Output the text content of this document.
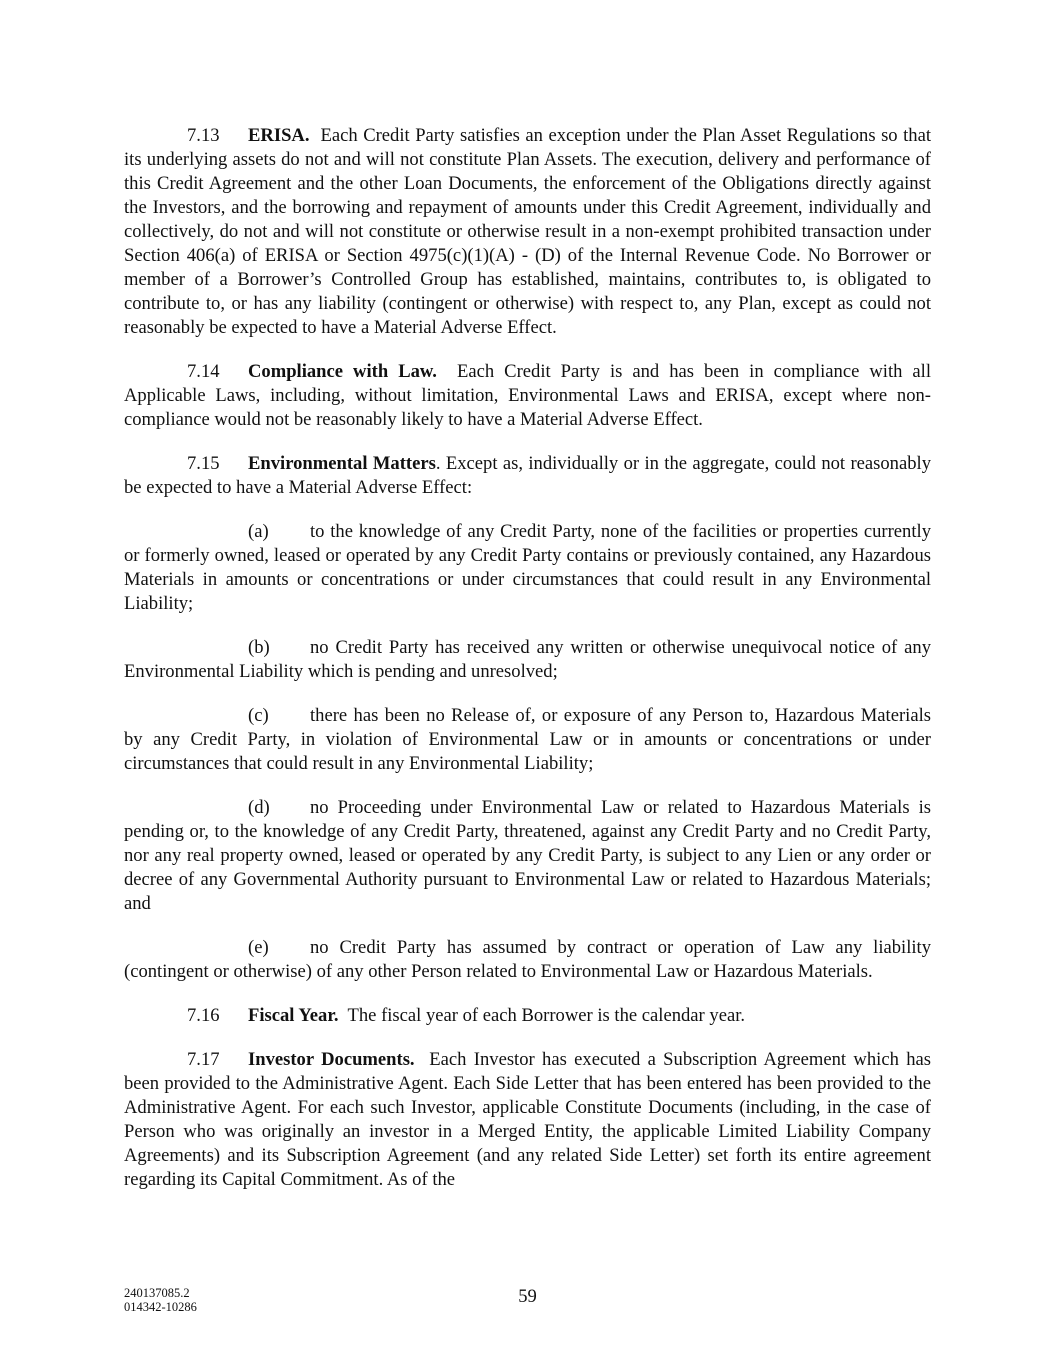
7.13 ERISA. Each Credit Party satisfies an exception under the Plan Asset Regulations so that its underlying assets do not and will not constitute Plan Assets. The execution, delivery and performance of this Credit Agreement and the other Loan Documents, the enforcement of the Obligations directly against the Investors, and the borrowing and repayment of amounts under this Credit Agreement, individually and collectively, do not and will not constitute or otherwise result in a non-exempt prohibited transaction under Section 406(a) of ERISA or Section 4975(c)(1)(A) - (D) of the Internal Revenue Code. No Borrower or member of a Borrower’s Controlled Group has established, maintains, contributes to, is obligated to contribute to, or has any liability (contingent or otherwise) with respect to, any Plan, except as could not reasonably be expected to have a Material Adverse Effect.

7.14 Compliance with Law. Each Credit Party is and has been in compliance with all Applicable Laws, including, without limitation, Environmental Laws and ERISA, except where non- compliance would not be reasonably likely to have a Material Adverse Effect.

7.15 Environmental Matters. Except as, individually or in the aggregate, could not reasonably be expected to have a Material Adverse Effect:

(a) to the knowledge of any Credit Party, none of the facilities or properties currently or formerly owned, leased or operated by any Credit Party contains or previously contained, any Hazardous Materials in amounts or concentrations or under circumstances that could result in any Environmental Liability;

(b) no Credit Party has received any written or otherwise unequivocal notice of any Environmental Liability which is pending and unresolved;

(c) there has been no Release of, or exposure of any Person to, Hazardous Materials by any Credit Party, in violation of Environmental Law or in amounts or concentrations or under circumstances that could result in any Environmental Liability;

(d) no Proceeding under Environmental Law or related to Hazardous Materials is pending or, to the knowledge of any Credit Party, threatened, against any Credit Party and no Credit Party, nor any real property owned, leased or operated by any Credit Party, is subject to any Lien or any order or decree of any Governmental Authority pursuant to Environmental Law or related to Hazardous Materials; and

(e) no Credit Party has assumed by contract or operation of Law any liability (contingent or otherwise) of any other Person related to Environmental Law or Hazardous Materials.

7.16 Fiscal Year. The fiscal year of each Borrower is the calendar year.

7.17 Investor Documents. Each Investor has executed a Subscription Agreement which has been provided to the Administrative Agent. Each Side Letter that has been entered has been provided to the Administrative Agent. For each such Investor, applicable Constitute Documents (including, in the case of Person who was originally an investor in a Merged Entity, the applicable Limited Liability Company Agreements) and its Subscription Agreement (and any related Side Letter) set forth its entire agreement regarding its Capital Commitment. As of the

240137085.2
014342-10286	59
